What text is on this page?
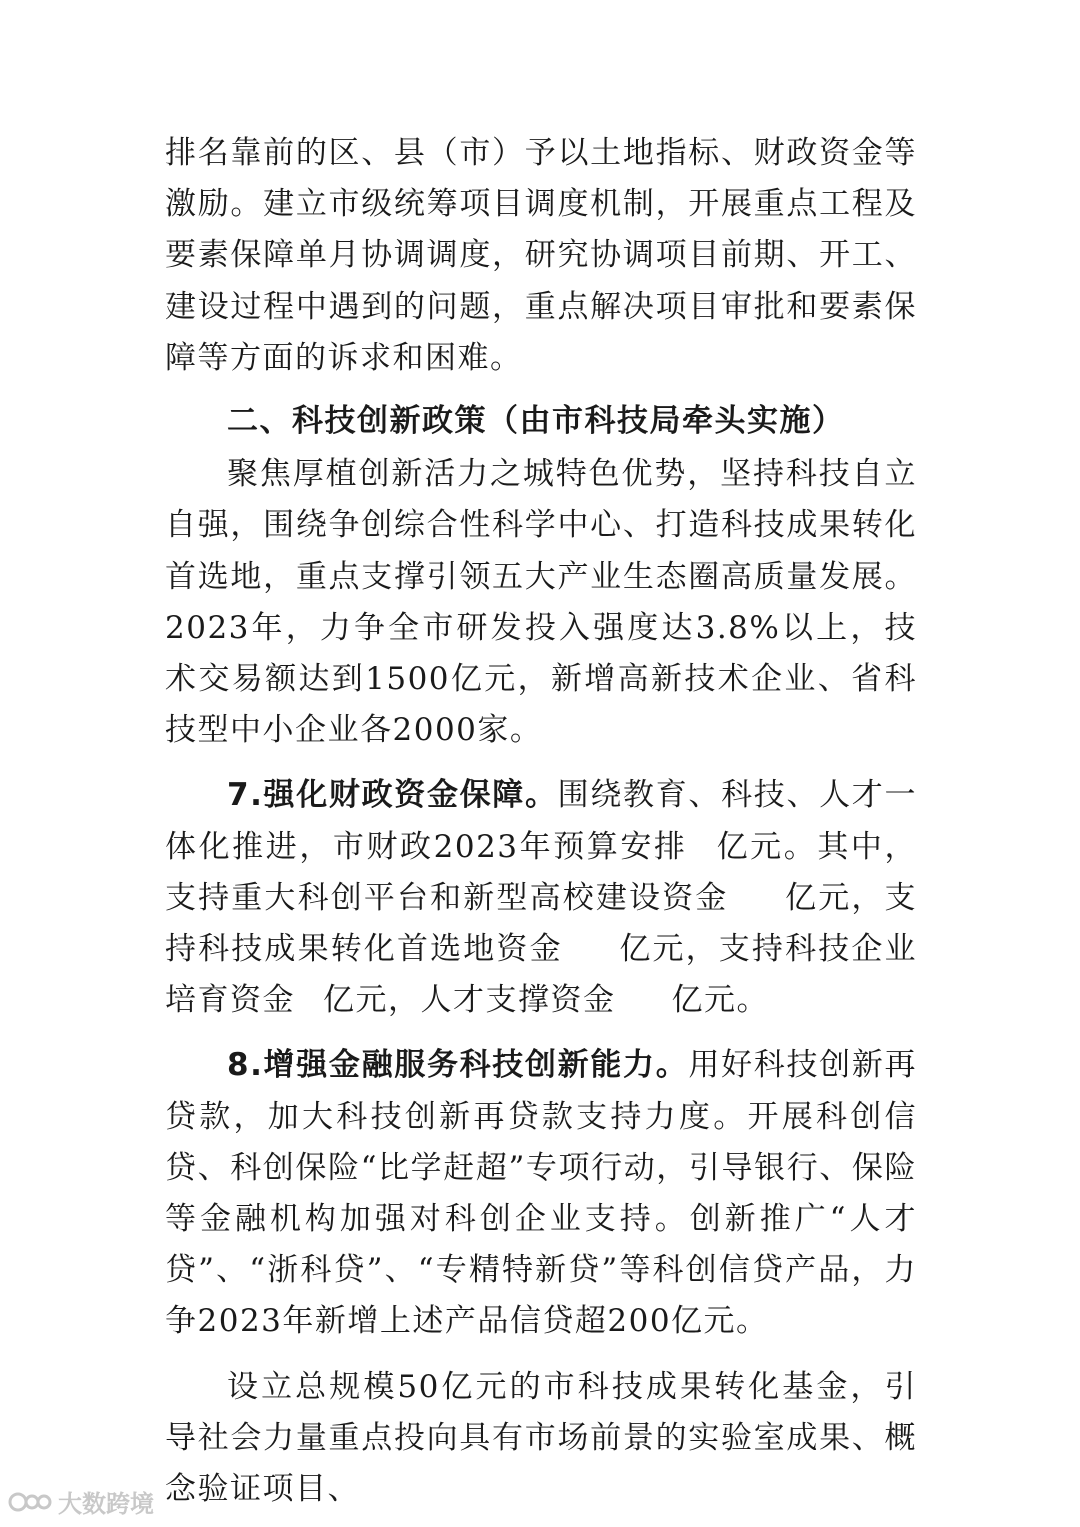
排名靠前的区、县（市）予以土地指标、财政资金等激励。建立市级统筹项目调度机制，开展重点工程及要素保障单月协调调度，研究协调项目前期、开工、建设过程中遇到的问题，重点解决项目审批和要素保障等方面的诉求和困难。

二、科技创新政策（由市科技局牵头实施）

聚焦厚植创新活力之城特色优势，坚持科技自立自强，围绕争创综合性科学中心、打造科技成果转化首选地，重点支撑引领五大产业生态圈高质量发展。2023年，力争全市研发投入强度达3.8%以上，技术交易额达到1500亿元，新增高新技术企业、省科技型中小企业各2000家。

7.强化财政资金保障。围绕教育、科技、人才一体化推进，市财政2023年预算安排 亿元。其中，支持重大科创平台和新型高校建设资金 亿元，支持科技成果转化首选地资金 亿元，支持科技企业培育资金 亿元，人才支撑资金 亿元。

8.增强金融服务科技创新能力。用好科技创新再贷款，加大科技创新再贷款支持力度。开展科创信贷、科创保险“比学赶超”专项行动，引导银行、保险等金融机构加强对科创企业支持。创新推广“人才贷”、“浙科贷”、“专精特新贷”等科创信贷产品，力争2023年新增上述产品信贷超200亿元。

设立总规模50亿元的市科技成果转化基金，引导社会力量重点投向具有市场前景的实验室成果、概念验证项目、

大数跨境
